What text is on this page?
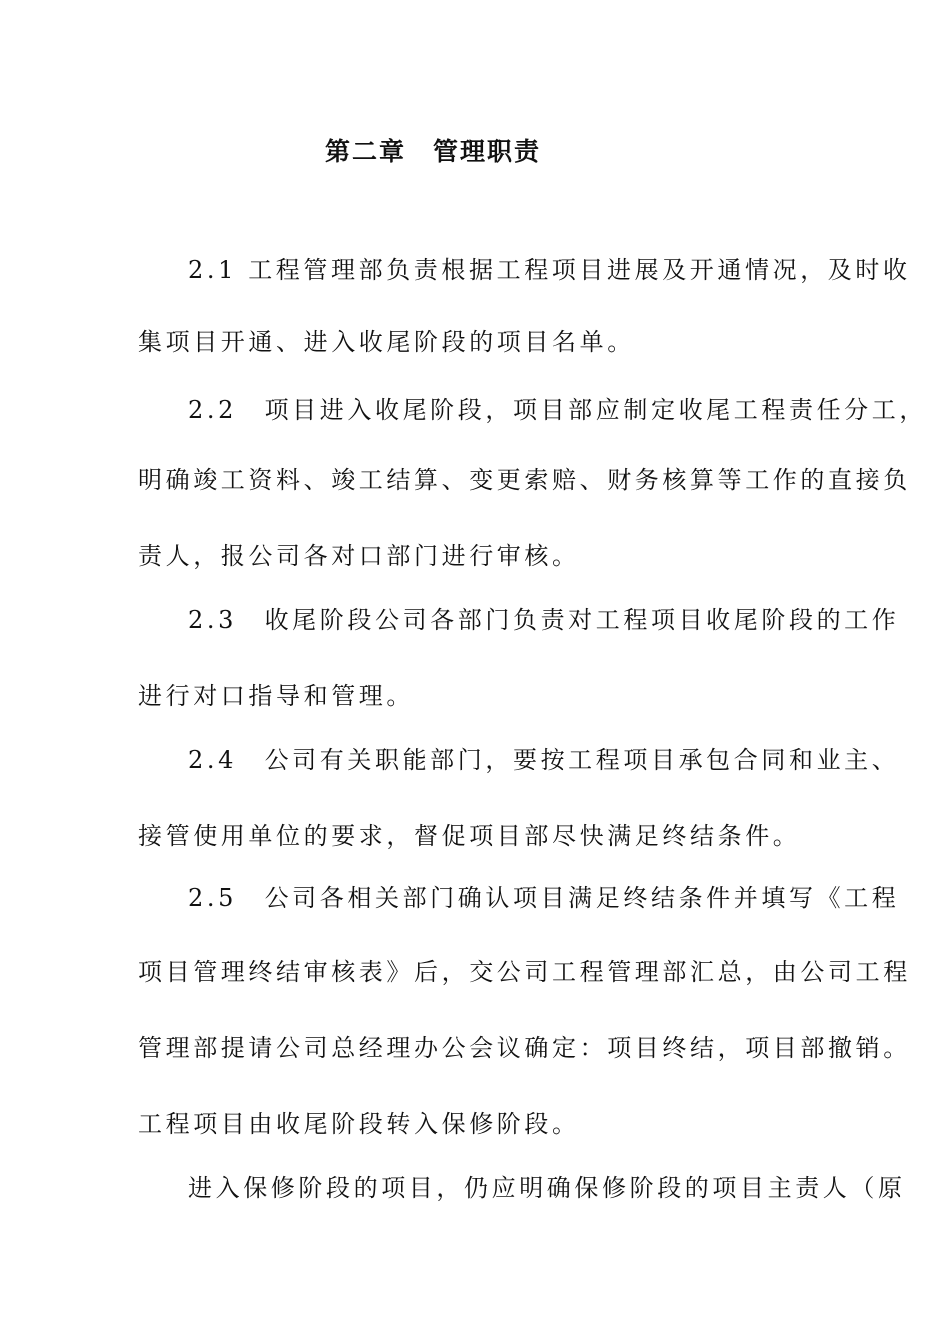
第二章　管理职责
2.1 工程管理部负责根据工程项目进展及开通情况，及时收
集项目开通、进入收尾阶段的项目名单。
2.2　项目进入收尾阶段，项目部应制定收尾工程责任分工，
明确竣工资料、竣工结算、变更索赔、财务核算等工作的直接负
责人，报公司各对口部门进行审核。
2.3　收尾阶段公司各部门负责对工程项目收尾阶段的工作
进行对口指导和管理。
2.4　公司有关职能部门，要按工程项目承包合同和业主、
接管使用单位的要求，督促项目部尽快满足终结条件。
2.5　公司各相关部门确认项目满足终结条件并填写《工程
项目管理终结审核表》后，交公司工程管理部汇总，由公司工程
管理部提请公司总经理办公会议确定：项目终结，项目部撤销。
工程项目由收尾阶段转入保修阶段。
进入保修阶段的项目，仍应明确保修阶段的项目主责人（原
